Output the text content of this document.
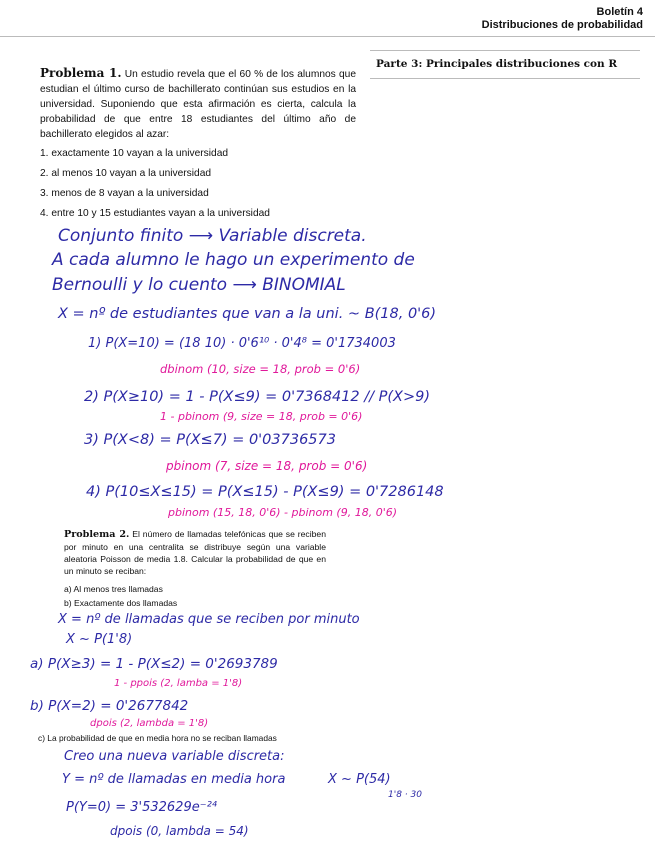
Boletín 4
Distribuciones de probabilidad
Parte 3: Principales distribuciones con R
Problema 1. Un estudio revela que el 60 % de los alumnos que estudian el último curso de bachillerato continúan sus estudios en la universidad. Suponiendo que esta afirmación es cierta, calcula la probabilidad de que entre 18 estudiantes del último año de bachillerato elegidos al azar:
1. exactamente 10 vayan a la universidad
2. al menos 10 vayan a la universidad
3. menos de 8 vayan a la universidad
4. entre 10 y 15 estudiantes vayan a la universidad
Conjunto finito ⟶ Variable discreta.
A cada alumno le hago un experimento de
Bernoulli y lo cuento ⟶ BINOMIAL
X = nº de estudiantes que van a la uni. ~ B(18, 0'6)
1) P(X=10) = (18 10) · 0'6¹⁰ · 0'4⁸ = 0'1734003
dbinom (10, size = 18, prob = 0'6)
2) P(X≥10) = 1 - P(X≤9) = 0'7368412 // P(X>9)
1 - pbinom (9, size = 18, prob = 0'6)
3) P(X<8) = P(X≤7) = 0'03736573
pbinom (7, size = 18, prob = 0'6)
4) P(10≤X≤15) = P(X≤15) - P(X≤9) = 0'7286148
pbinom (15, 18, 0'6) - pbinom (9, 18, 0'6)
Problema 2. El número de llamadas telefónicas que se reciben por minuto en una centralita se distribuye según una variable aleatoria Poisson de media 1.8. Calcular la probabilidad de que en un minuto se reciban:
a) Al menos tres llamadas
b) Exactamente dos llamadas
X = nº de llamadas que se reciben por minuto
X ~ P(1'8)
a) P(X≥3) = 1 - P(X≤2) = 0'2693789
1 - ppois (2, lamba = 1'8)
b) P(X=2) = 0'2677842
dpois (2, lambda = 1'8)
c) La probabilidad de que en media hora no se reciban llamadas
Creo una nueva variable discreta:
Y = nº de llamadas en media hora	X ~ P(54)
1'8 · 30
P(Y=0) = 3'532629e⁻²⁴
dpois (0, lambda = 54)
